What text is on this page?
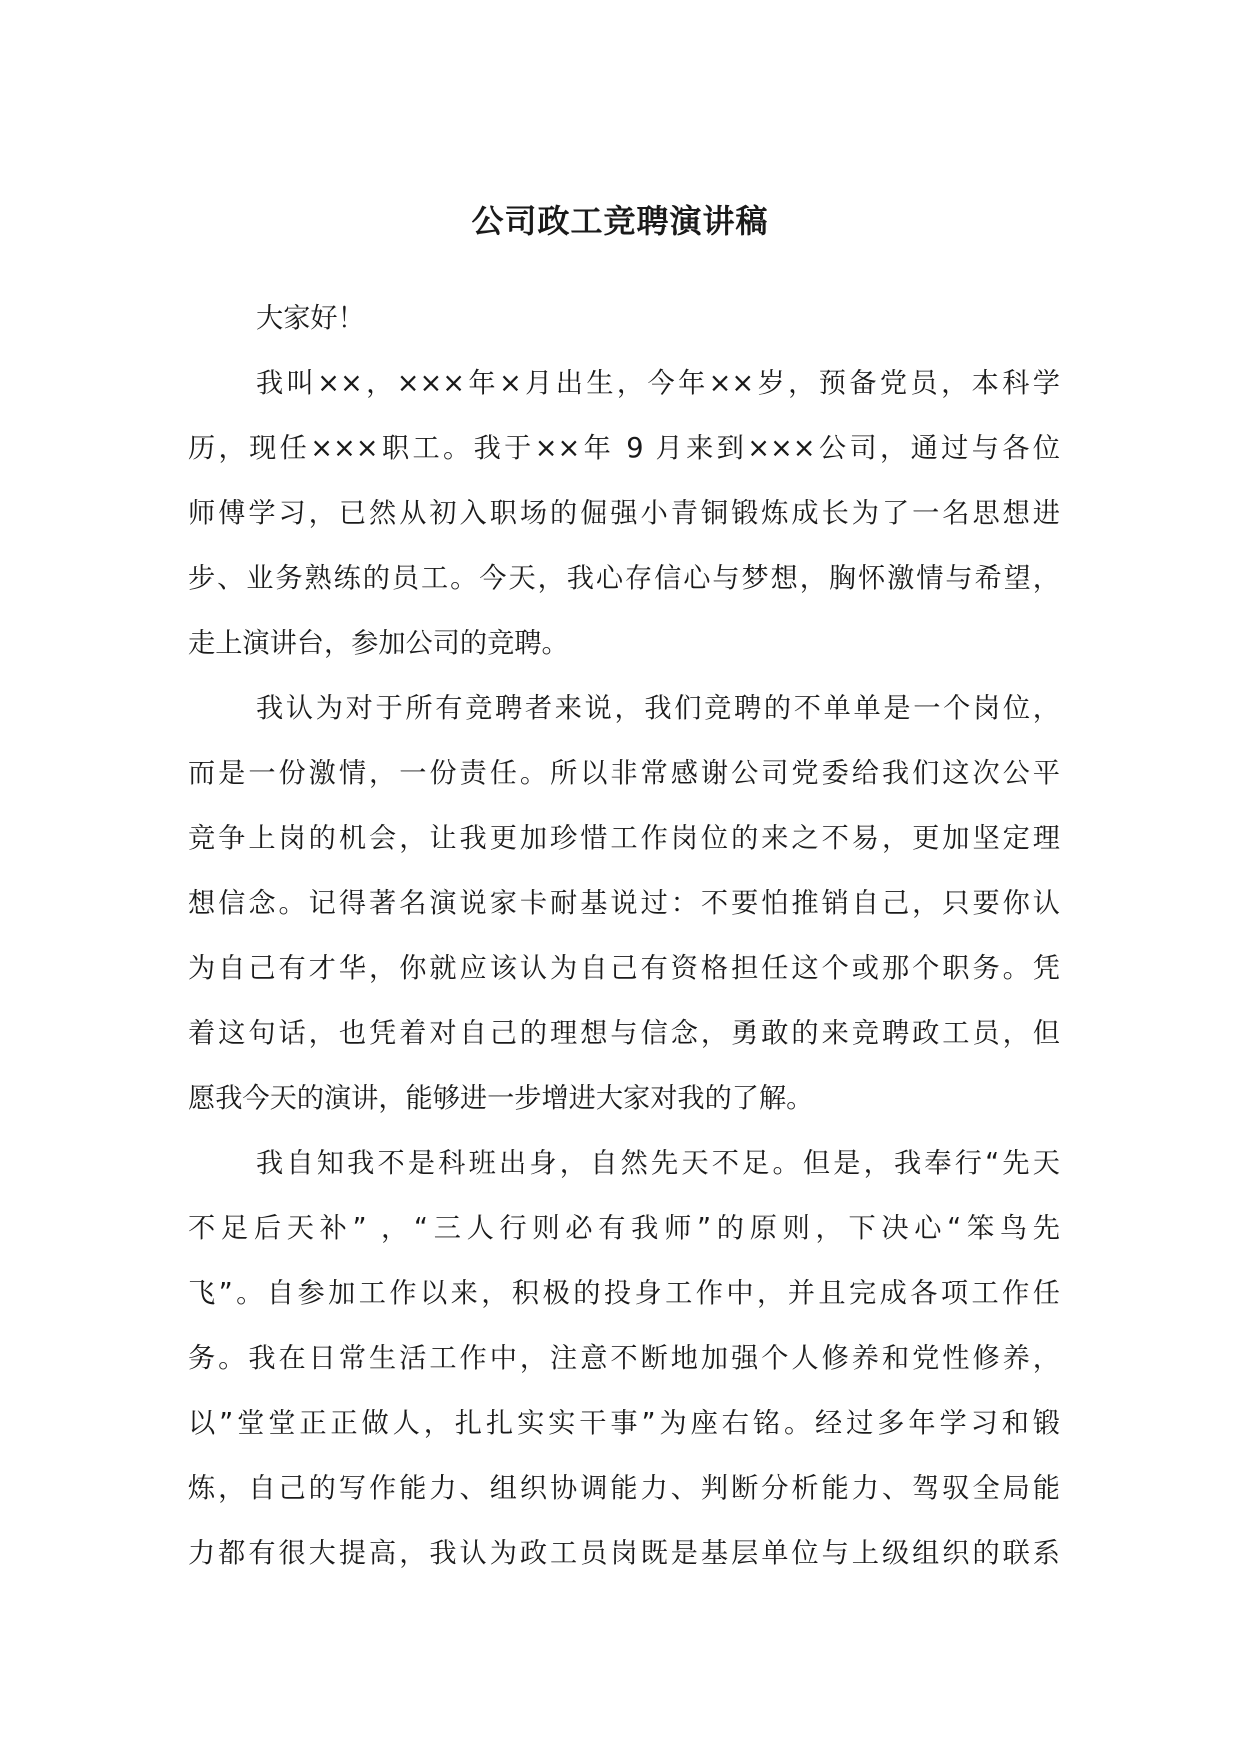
公司政工竞聘演讲稿
大家好！
我叫××，×××年×月出生，今年××岁，预备党员，本科学
历，现任×××职工。我于××年 9 月来到×××公司，通过与各位
师傅学习，已然从初入职场的倔强小青铜锻炼成长为了一名思想进
步、业务熟练的员工。今天，我心存信心与梦想，胸怀激情与希望，
走上演讲台，参加公司的竞聘。
我认为对于所有竞聘者来说，我们竞聘的不单单是一个岗位，
而是一份激情，一份责任。所以非常感谢公司党委给我们这次公平
竞争上岗的机会，让我更加珍惜工作岗位的来之不易，更加坚定理
想信念。记得著名演说家卡耐基说过：不要怕推销自己，只要你认
为自己有才华，你就应该认为自己有资格担任这个或那个职务。凭
着这句话，也凭着对自己的理想与信念，勇敢的来竞聘政工员，但
愿我今天的演讲，能够进一步增进大家对我的了解。
我自知我不是科班出身，自然先天不足。但是，我奉行“先天
不足后天补” ，“三人行则必有我师”的原则，下决心“笨鸟先
飞”。自参加工作以来，积极的投身工作中，并且完成各项工作任
务。我在日常生活工作中，注意不断地加强个人修养和党性修养，
以”堂堂正正做人，扎扎实实干事”为座右铭。经过多年学习和锻
炼，自己的写作能力、组织协调能力、判断分析能力、驾驭全局能
力都有很大提高，我认为政工员岗既是基层单位与上级组织的联系
